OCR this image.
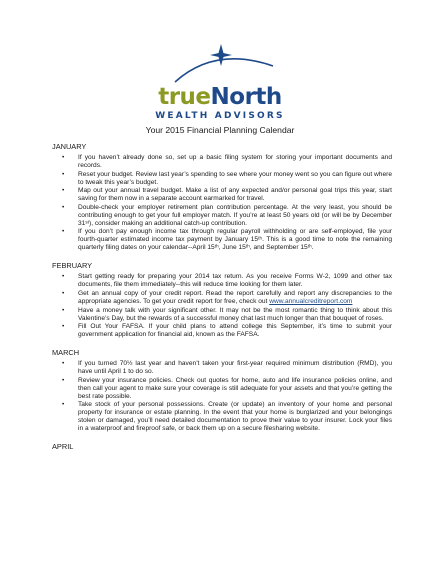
trueNorth
WEALTH ADVISORS
Your 2015 Financial Planning Calendar
JANUARY
• If you haven’t already done so, set up a basic filing system for storing your important documents and records.
• Reset your budget. Review last year’s spending to see where your money went so you can figure out where to tweak this year’s budget.
• Map out your annual travel budget. Make a list of any expected and/or personal goal trips this year, start saving for them now in a separate account earmarked for travel.
• Double-check your employer retirement plan contribution percentage. At the very least, you should be contributing enough to get your full employer match. If you’re at least 50 years old (or will be by December 31ˢᵗ), consider making an additional catch-up contribution.
• If you don’t pay enough income tax through regular payroll withholding or are self-employed, file your fourth-quarter estimated income tax payment by January 15ᵗʰ. This is a good time to note the remaining quarterly filing dates on your calendar--April 15ᵗʰ, June 15ᵗʰ, and September 15ᵗʰ.
FEBRUARY
• Start getting ready for preparing your 2014 tax return. As you receive Forms W-2, 1099 and other tax documents, file them immediately--this will reduce time looking for them later.
• Get an annual copy of your credit report. Read the report carefully and report any discrepancies to the appropriate agencies. To get your credit report for free, check out www.annualcreditreport.com
• Have a money talk with your significant other. It may not be the most romantic thing to think about this Valentine’s Day, but the rewards of a successful money chat last much longer than that bouquet of roses.
• Fill Out Your FAFSA. If your child plans to attend college this September, it’s time to submit your government application for financial aid, known as the FAFSA.
MARCH
• If you turned 70½ last year and haven’t taken your first-year required minimum distribution (RMD), you have until April 1 to do so.
• Review your insurance policies. Check out quotes for home, auto and life insurance policies online, and then call your agent to make sure your coverage is still adequate for your assets and that you’re getting the best rate possible.
• Take stock of your personal possessions. Create (or update) an inventory of your home and personal property for insurance or estate planning. In the event that your home is burglarized and your belongings stolen or damaged, you’ll need detailed documentation to prove their value to your insurer. Lock your files in a waterproof and fireproof safe, or back them up on a secure filesharing website.
APRIL
